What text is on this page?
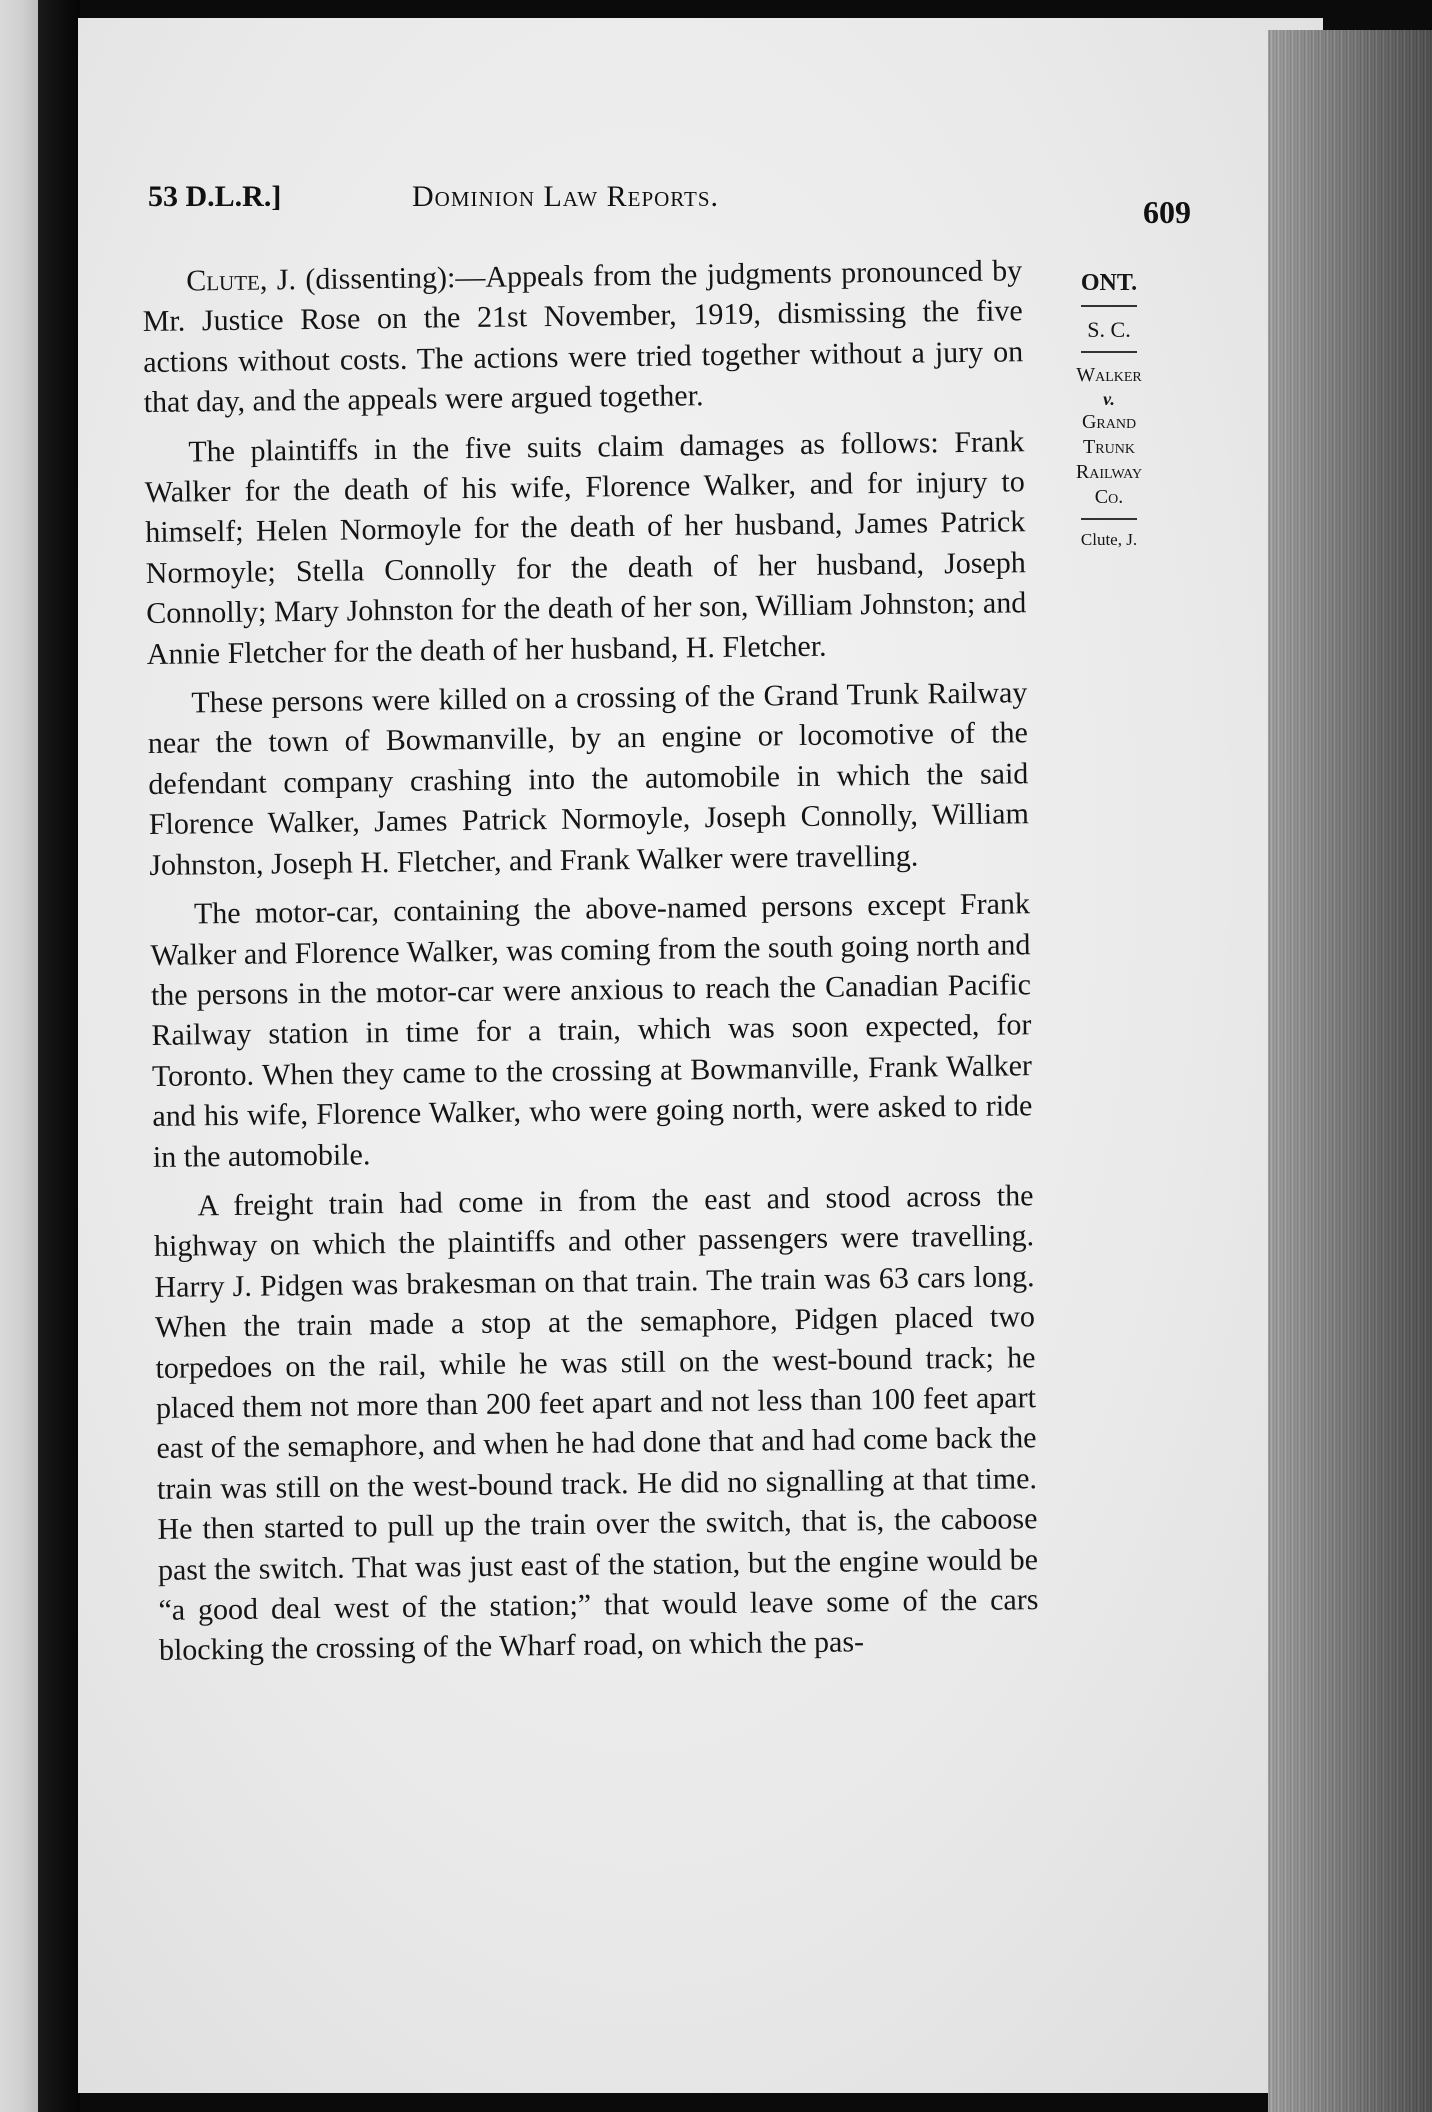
53 D.L.R.]	Dominion Law Reports.	609

Clute, J. (dissenting):—Appeals from the judgments pronounced by Mr. Justice Rose on the 21st November, 1919, dismissing the five actions without costs. The actions were tried together without a jury on that day, and the appeals were argued together.

The plaintiffs in the five suits claim damages as follows: Frank Walker for the death of his wife, Florence Walker, and for injury to himself; Helen Normoyle for the death of her husband, James Patrick Normoyle; Stella Connolly for the death of her husband, Joseph Connolly; Mary Johnston for the death of her son, William Johnston; and Annie Fletcher for the death of her husband, H. Fletcher.

These persons were killed on a crossing of the Grand Trunk Railway near the town of Bowmanville, by an engine or locomotive of the defendant company crashing into the automobile in which the said Florence Walker, James Patrick Normoyle, Joseph Connolly, William Johnston, Joseph H. Fletcher, and Frank Walker were travelling.

The motor-car, containing the above-named persons except Frank Walker and Florence Walker, was coming from the south going north and the persons in the motor-car were anxious to reach the Canadian Pacific Railway station in time for a train, which was soon expected, for Toronto. When they came to the crossing at Bowmanville, Frank Walker and his wife, Florence Walker, who were going north, were asked to ride in the automobile.

A freight train had come in from the east and stood across the highway on which the plaintiffs and other passengers were travelling. Harry J. Pidgen was brakesman on that train. The train was 63 cars long. When the train made a stop at the semaphore, Pidgen placed two torpedoes on the rail, while he was still on the west-bound track; he placed them not more than 200 feet apart and not less than 100 feet apart east of the semaphore, and when he had done that and had come back the train was still on the west-bound track. He did no signalling at that time. He then started to pull up the train over the switch, that is, the caboose past the switch. That was just east of the station, but the engine would be “a good deal west of the station;” that would leave some of the cars blocking the crossing of the Wharf road, on which the pas-

ONT.
S. C.
Walker
v.
Grand
Trunk
Railway
Co.
Clute, J.
